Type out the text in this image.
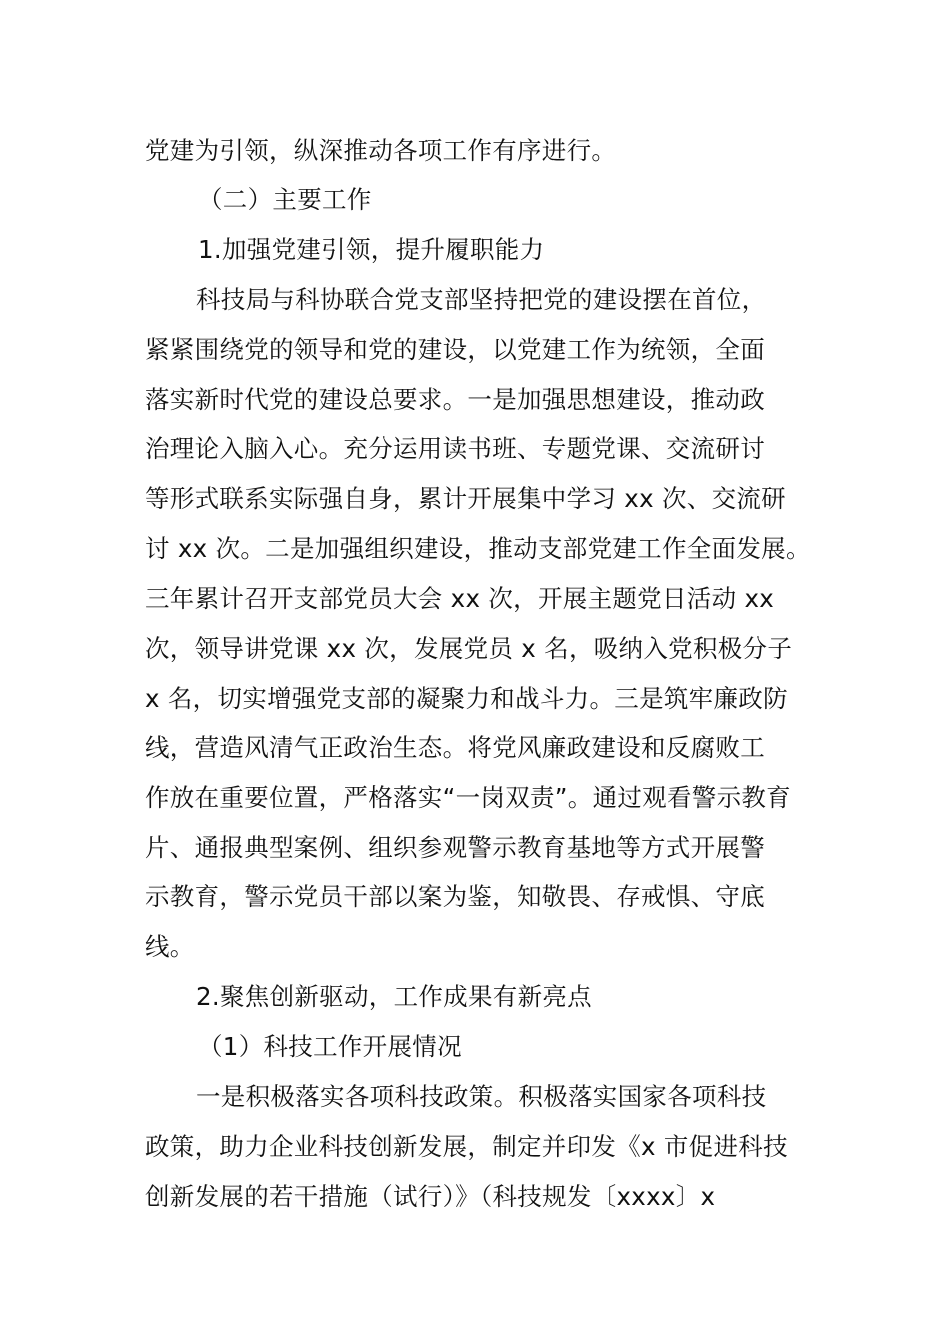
党建为引领，纵深推动各项工作有序进行。
（二）主要工作
1.加强党建引领，提升履职能力
科技局与科协联合党支部坚持把党的建设摆在首位，
紧紧围绕党的领导和党的建设，以党建工作为统领，全面
落实新时代党的建设总要求。一是加强思想建设，推动政
治理论入脑入心。充分运用读书班、专题党课、交流研讨
等形式联系实际强自身，累计开展集中学习 xx 次、交流研
讨 xx 次。二是加强组织建设，推动支部党建工作全面发展。
三年累计召开支部党员大会 xx 次，开展主题党日活动 xx
次，领导讲党课 xx 次，发展党员 x 名，吸纳入党积极分子
x 名，切实增强党支部的凝聚力和战斗力。三是筑牢廉政防
线，营造风清气正政治生态。将党风廉政建设和反腐败工
作放在重要位置，严格落实“一岗双责”。通过观看警示教育
片、通报典型案例、组织参观警示教育基地等方式开展警
示教育，警示党员干部以案为鉴，知敬畏、存戒惧、守底
线。
2.聚焦创新驱动，工作成果有新亮点
（1）科技工作开展情况
一是积极落实各项科技政策。积极落实国家各项科技
政策，助力企业科技创新发展，制定并印发《x 市促进科技
创新发展的若干措施（试行）》（科技规发〔xxxx〕x
